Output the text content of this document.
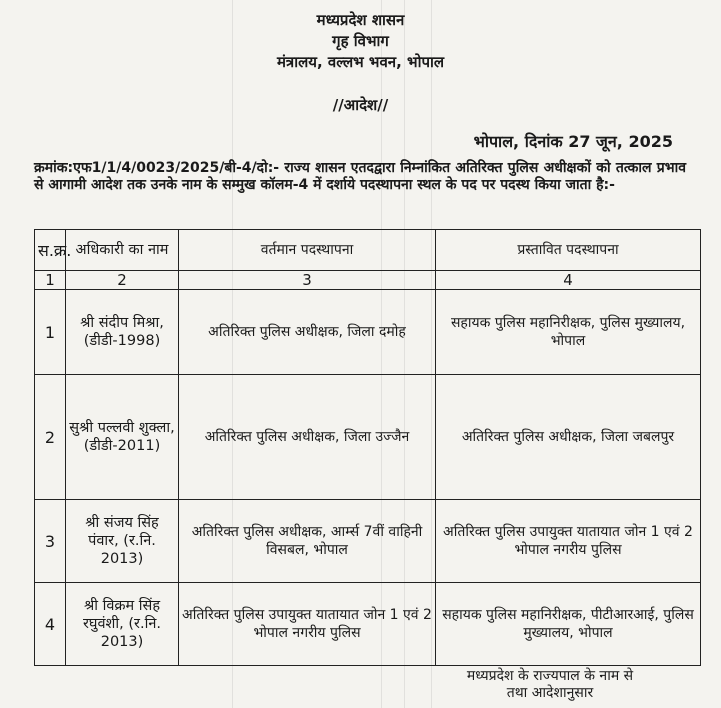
मध्यप्रदेश शासन
गृह विभाग
मंत्रालय, वल्लभ भवन, भोपाल
//आदेश//
भोपाल, दिनांक 27 जून, 2025
क्रमांक:एफ1/1/4/0023/2025/बी-4/दो:- राज्य शासन एतदद्वारा निम्नांकित अतिरिक्त पुलिस अधीक्षकों को तत्काल प्रभाव से आगामी आदेश तक उनके नाम के सम्मुख कॉलम-4 में दर्शाये पदस्थापना स्थल के पद पर पदस्थ किया जाता है:-
स.क्र.	अधिकारी का नाम	वर्तमान पदस्थापना	प्रस्तावित पदस्थापना
1	2	3	4
1	श्री संदीप मिश्रा, (डीडी-1998)	अतिरिक्त पुलिस अधीक्षक, जिला दमोह	सहायक पुलिस महानिरीक्षक, पुलिस मुख्यालय, भोपाल
2	सुश्री पल्लवी शुक्ला, (डीडी-2011)	अतिरिक्त पुलिस अधीक्षक, जिला उज्जैन	अतिरिक्त पुलिस अधीक्षक, जिला जबलपुर
3	श्री संजय सिंह पंवार, (र.नि. 2013)	अतिरिक्त पुलिस अधीक्षक, आर्म्स 7वीं वाहिनी विसबल, भोपाल	अतिरिक्त पुलिस उपायुक्त यातायात जोन 1 एवं 2 भोपाल नगरीय पुलिस
4	श्री विक्रम सिंह रघुवंशी, (र.नि. 2013)	अतिरिक्त पुलिस उपायुक्त यातायात जोन 1 एवं 2 भोपाल नगरीय पुलिस	सहायक पुलिस महानिरीक्षक, पीटीआरआई, पुलिस मुख्यालय, भोपाल
मध्यप्रदेश के राज्यपाल के नाम से
तथा आदेशानुसार
